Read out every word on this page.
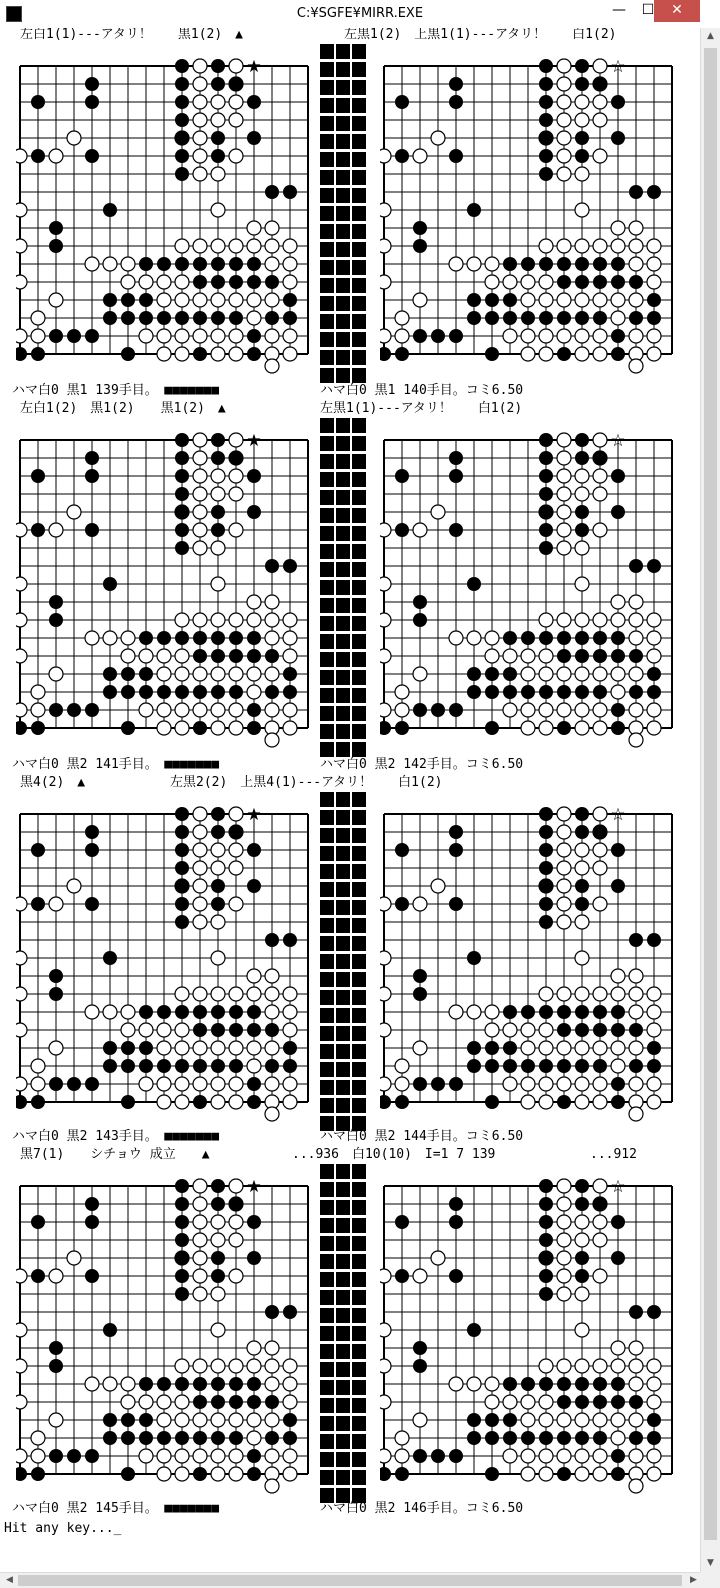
C:¥SGFE¥MIRR.EXE	—	☐	✕
左白1(1)---アタリ！　　黒1(2)　▲	左黒1(2)　上黒1(1)---アタリ！　　白1(2)
★	☆
ハマ白0 黒1 139手目。　■■■■■■■	ハマ白0 黒1 140手目。コミ6.50
左白1(2)　黒1(2)　　黒1(2)　▲	左黒1(1)---アタリ！　　白1(2)
★	☆
ハマ白0 黒2 141手目。　■■■■■■■	ハマ白0 黒2 142手目。コミ6.50
黒4(2)　▲	左黒2(2)　上黒4(1)---アタリ！　　白1(2)
★	☆
ハマ白0 黒2 143手目。　■■■■■■■	ハマ白0 黒2 144手目。コミ6.50
黒7(1)　　シチョウ 成立　　▲	...936　白10(10)　I=1 7 139	...912
★	☆
ハマ白0 黒2 145手目。　■■■■■■■	ハマ白0 黒2 146手目。コミ6.50
Hit any key..._
▲
▼
◀	▶
